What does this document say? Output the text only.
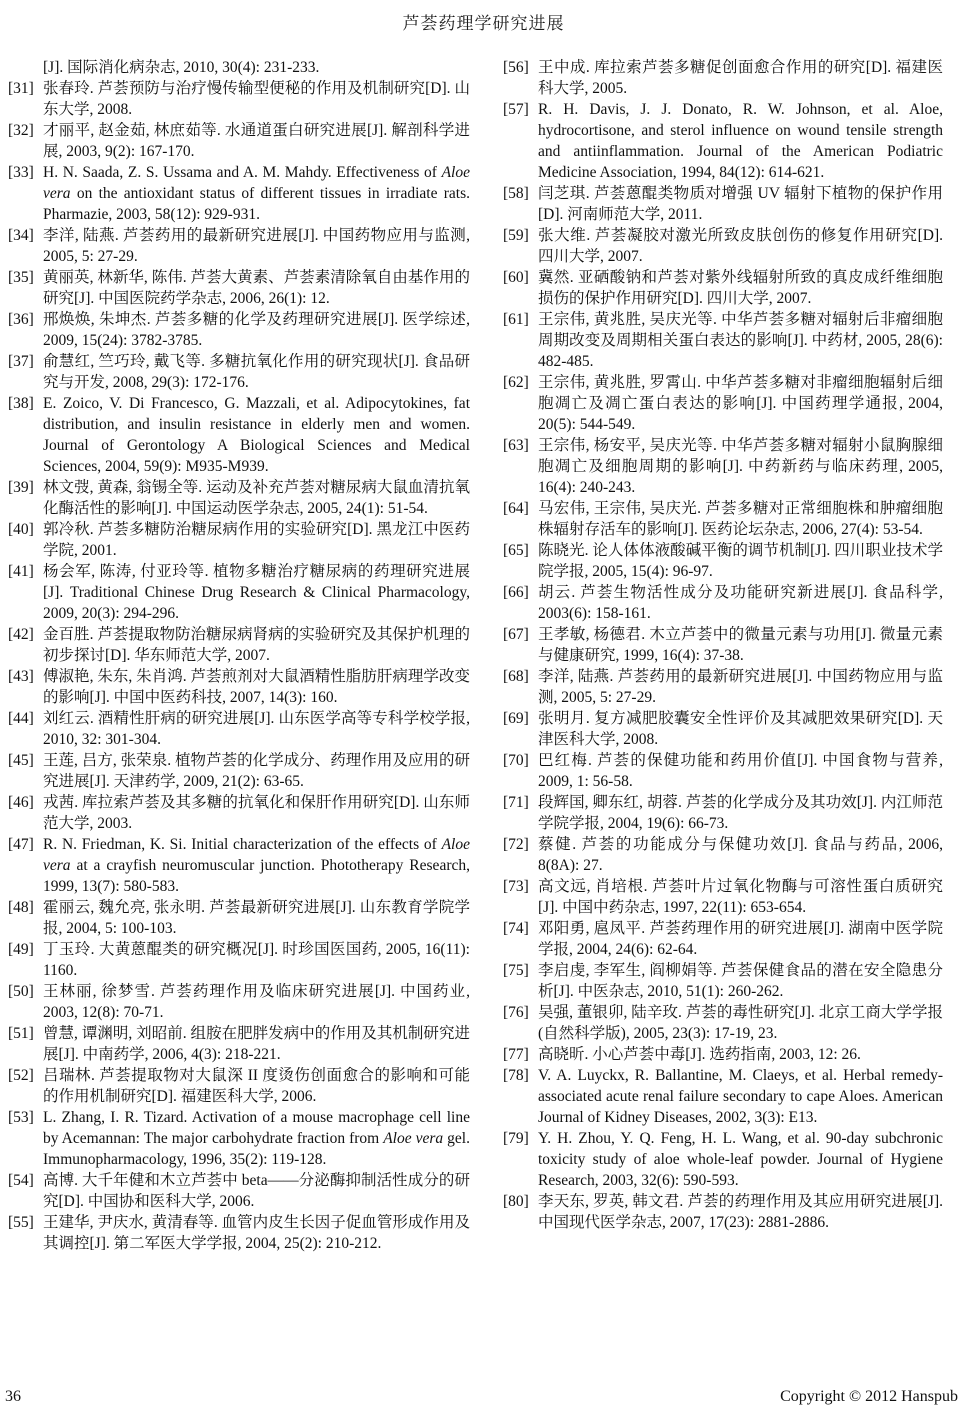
芦荟药理学研究进展
[J]. 国际消化病杂志, 2010, 30(4): 231-233.
[31] 张春玲. 芦荟预防与治疗慢传输型便秘的作用及机制研究[D]. 山东大学, 2008.
[32] 才丽平, 赵金茹, 林庶茹等. 水通道蛋白研究进展[J]. 解剖科学进展, 2003, 9(2): 167-170.
[33] H. N. Saada, Z. S. Ussama and A. M. Mahdy. Effectiveness of Aloe vera on the antioxidant status of different tissues in irradiate rats. Pharmazie, 2003, 58(12): 929-931.
[34] 李洋, 陆燕. 芦荟药用的最新研究进展[J]. 中国药物应用与监测, 2005, 5: 27-29.
[35] 黄丽英, 林新华, 陈伟. 芦荟大黄素、芦荟素清除氧自由基作用的研究[J]. 中国医院药学杂志, 2006, 26(1): 12.
[36] 邢焕焕, 朱坤杰. 芦荟多糖的化学及药理研究进展[J]. 医学综述, 2009, 15(24): 3782-3785.
[37] 俞慧红, 竺巧玲, 戴飞等. 多糖抗氧化作用的研究现状[J]. 食品研究与开发, 2008, 29(3): 172-176.
[38] E. Zoico, V. Di Francesco, G. Mazzali, et al. Adipocytokines, fat distribution, and insulin resistance in elderly men and women. Journal of Gerontology A Biological Sciences and Medical Sciences, 2004, 59(9): M935-M939.
[39] 林文弢, 黄森, 翁锡全等. 运动及补充芦荟对糖尿病大鼠血清抗氧化酶活性的影响[J]. 中国运动医学杂志, 2005, 24(1): 51-54.
[40] 郭冷秋. 芦荟多糖防治糖尿病作用的实验研究[D]. 黑龙江中医药学院, 2001.
[41] 杨会军, 陈涛, 付亚玲等. 植物多糖治疗糖尿病的药理研究进展[J]. Traditional Chinese Drug Research & Clinical Pharmacology, 2009, 20(3): 294-296.
[42] 金百胜. 芦荟提取物防治糖尿病肾病的实验研究及其保护机理的初步探讨[D]. 华东师范大学, 2007.
[43] 傅淑艳, 朱东, 朱肖鸿. 芦荟煎剂对大鼠酒精性脂肪肝病理学改变的影响[J]. 中国中医药科技, 2007, 14(3): 160.
[44] 刘红云. 酒精性肝病的研究进展[J]. 山东医学高等专科学校学报, 2010, 32: 301-304.
[45] 王莲, 吕方, 张荣泉. 植物芦荟的化学成分、药理作用及应用的研究进展[J]. 天津药学, 2009, 21(2): 63-65.
[46] 戎茜. 库拉索芦荟及其多糖的抗氧化和保肝作用研究[D]. 山东师范大学, 2003.
[47] R. N. Friedman, K. Si. Initial characterization of the effects of Aloe vera at a crayfish neuromuscular junction. Phototherapy Research, 1999, 13(7): 580-583.
[48] 霍丽云, 魏允亮, 张永明. 芦荟最新研究进展[J]. 山东教育学院学报, 2004, 5: 100-103.
[49] 丁玉玲. 大黄蒽醌类的研究概况[J]. 时珍国医国药, 2005, 16(11): 1160.
[50] 王林丽, 徐梦雪. 芦荟药理作用及临床研究进展[J]. 中国药业, 2003, 12(8): 70-71.
[51] 曾慧, 谭渊明, 刘昭前. 组胺在肥胖发病中的作用及其机制研究进展[J]. 中南药学, 2006, 4(3): 218-221.
[52] 吕瑞林. 芦荟提取物对大鼠深 II 度烫伤创面愈合的影响和可能的作用机制研究[D]. 福建医科大学, 2006.
[53] L. Zhang, I. R. Tizard. Activation of a mouse macrophage cell line by Acemannan: The major carbohydrate fraction from Aloe vera gel. Immunopharmacology, 1996, 35(2): 119-128.
[54] 高博. 大千年健和木立芦荟中 beta——分泌酶抑制活性成分的研究[D]. 中国协和医科大学, 2006.
[55] 王建华, 尹庆水, 黄清春等. 血管内皮生长因子促血管形成作用及其调控[J]. 第二军医大学学报, 2004, 25(2): 210-212.
[56] 王中成. 库拉索芦荟多糖促创面愈合作用的研究[D]. 福建医科大学, 2005.
[57] R. H. Davis, J. J. Donato, R. W. Johnson, et al. Aloe, hydrocortisone, and sterol influence on wound tensile strength and antiinflammation. Journal of the American Podiatric Medicine Association, 1994, 84(12): 614-621.
[58] 闫芝琪. 芦荟蒽醌类物质对增强 UV 辐射下植物的保护作用[D]. 河南师范大学, 2011.
[59] 张大维. 芦荟凝胶对激光所致皮肤创伤的修复作用研究[D]. 四川大学, 2007.
[60] 冀然. 亚硒酸钠和芦荟对紫外线辐射所致的真皮成纤维细胞损伤的保护作用研究[D]. 四川大学, 2007.
[61] 王宗伟, 黄兆胜, 吴庆光等. 中华芦荟多糖对辐射后非瘤细胞周期改变及周期相关蛋白表达的影响[J]. 中药材, 2005, 28(6): 482-485.
[62] 王宗伟, 黄兆胜, 罗霄山. 中华芦荟多糖对非瘤细胞辐射后细胞凋亡及凋亡蛋白表达的影响[J]. 中国药理学通报, 2004, 20(5): 544-549.
[63] 王宗伟, 杨安平, 吴庆光等. 中华芦荟多糖对辐射小鼠胸腺细胞凋亡及细胞周期的影响[J]. 中药新药与临床药理, 2005, 16(4): 240-243.
[64] 马宏伟, 王宗伟, 吴庆光. 芦荟多糖对正常细胞株和肿瘤细胞株辐射存活车的影响[J]. 医药论坛杂志, 2006, 27(4): 53-54.
[65] 陈晓光. 论人体体液酸碱平衡的调节机制[J]. 四川职业技术学院学报, 2005, 15(4): 96-97.
[66] 胡云. 芦荟生物活性成分及功能研究新进展[J]. 食品科学, 2003(6): 158-161.
[67] 王孝敏, 杨德君. 木立芦荟中的微量元素与功用[J]. 微量元素与健康研究, 1999, 16(4): 37-38.
[68] 李洋, 陆燕. 芦荟药用的最新研究进展[J]. 中国药物应用与监测, 2005, 5: 27-29.
[69] 张明月. 复方减肥胶囊安全性评价及其减肥效果研究[D]. 天津医科大学, 2008.
[70] 巴红梅. 芦荟的保健功能和药用价值[J]. 中国食物与营养, 2009, 1: 56-58.
[71] 段辉国, 卿东红, 胡蓉. 芦荟的化学成分及其功效[J]. 内江师范学院学报, 2004, 19(6): 66-73.
[72] 蔡健. 芦荟的功能成分与保健功效[J]. 食品与药品, 2006, 8(8A): 27.
[73] 高文远, 肖培根. 芦荟叶片过氧化物酶与可溶性蛋白质研究[J]. 中国中药杂志, 1997, 22(11): 653-654.
[74] 邓阳勇, 扈凤平. 芦荟药理作用的研究进展[J]. 湖南中医学院学报, 2004, 24(6): 62-64.
[75] 李启虔, 李军生, 阎柳娟等. 芦荟保健食品的潜在安全隐患分析[J]. 中医杂志, 2010, 51(1): 260-262.
[76] 吴强, 董银卯, 陆辛玫. 芦荟的毒性研究[J]. 北京工商大学学报(自然科学版), 2005, 23(3): 17-19, 23.
[77] 高晓昕. 小心芦荟中毒[J]. 选药指南, 2003, 12: 26.
[78] V. A. Luyckx, R. Ballantine, M. Claeys, et al. Herbal remedy-associated acute renal failure secondary to cape Aloes. American Journal of Kidney Diseases, 2002, 3(3): E13.
[79] Y. H. Zhou, Y. Q. Feng, H. L. Wang, et al. 90-day subchronic toxicity study of aloe whole-leaf powder. Journal of Hygiene Research, 2003, 32(6): 590-593.
[80] 李天东, 罗英, 韩文君. 芦荟的药理作用及其应用研究进展[J]. 中国现代医学杂志, 2007, 17(23): 2881-2886.
36	Copyright © 2012 Hanspub
